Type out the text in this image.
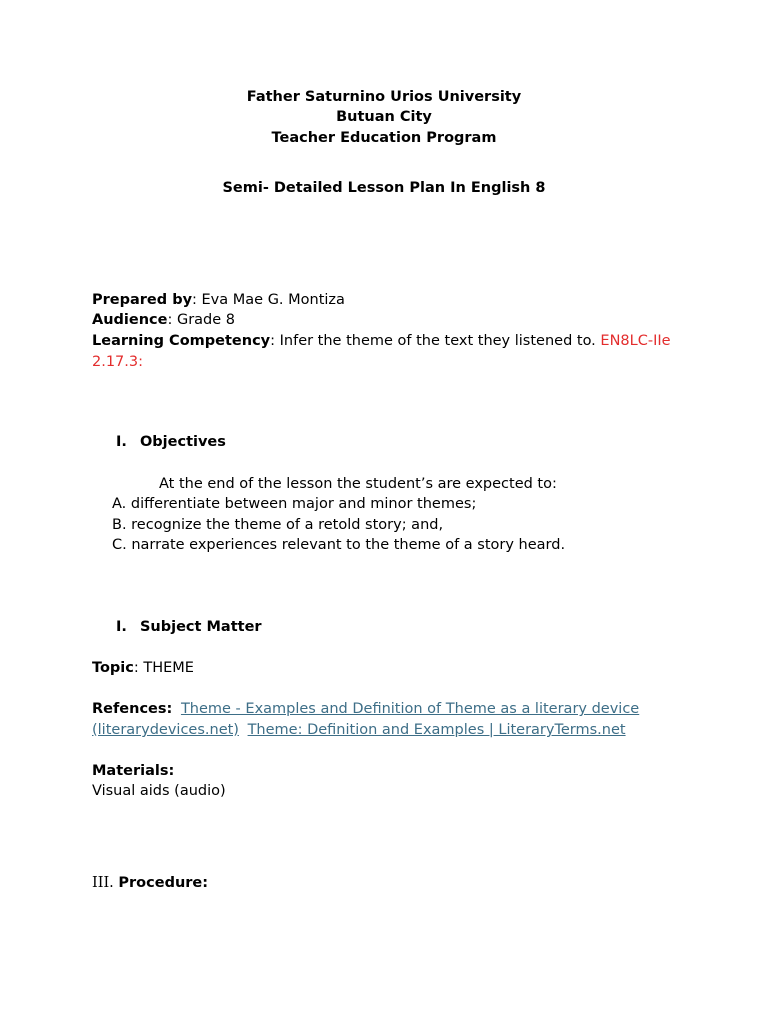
Father Saturnino Urios University
Butuan City
Teacher Education Program
Semi- Detailed Lesson Plan In English 8
Prepared by: Eva Mae G. Montiza
Audience: Grade 8
Learning Competency: Infer the theme of the text they listened to. EN8LC-IIe
2.17.3:
I. Objectives
At the end of the lesson the student’s are expected to:
A. differentiate between major and minor themes;
B. recognize the theme of a retold story; and,
C. narrate experiences relevant to the theme of a story heard.
I. Subject Matter
Topic: THEME
Refences: Theme - Examples and Definition of Theme as a literary device
(literarydevices.net) Theme: Definition and Examples | LiteraryTerms.net
Materials:
Visual aids (audio)
III. Procedure:
